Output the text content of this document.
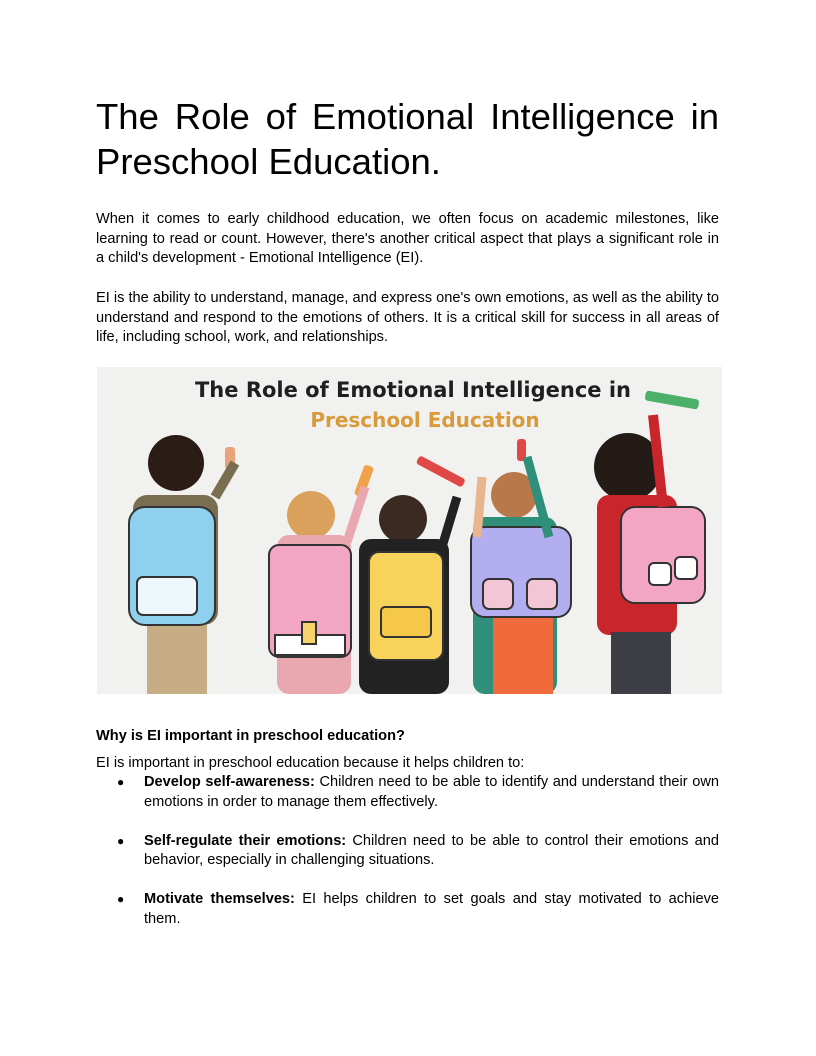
The Role of Emotional Intelligence in Preschool Education.

When it comes to early childhood education, we often focus on academic milestones, like learning to read or count. However, there's another critical aspect that plays a significant role in a child's development - Emotional Intelligence (EI).

EI is the ability to understand, manage, and express one's own emotions, as well as the ability to understand and respond to the emotions of others. It is a critical skill for success in all areas of life, including school, work, and relationships.

The Role of Emotional Intelligence in
Preschool Education
Why is EI important in preschool education?

EI is important in preschool education because it helps children to:

● Develop self-awareness: Children need to be able to identify and understand their own emotions in order to manage them effectively.
● Self-regulate their emotions: Children need to be able to control their emotions and behavior, especially in challenging situations.
● Motivate themselves: EI helps children to set goals and stay motivated to achieve them.
